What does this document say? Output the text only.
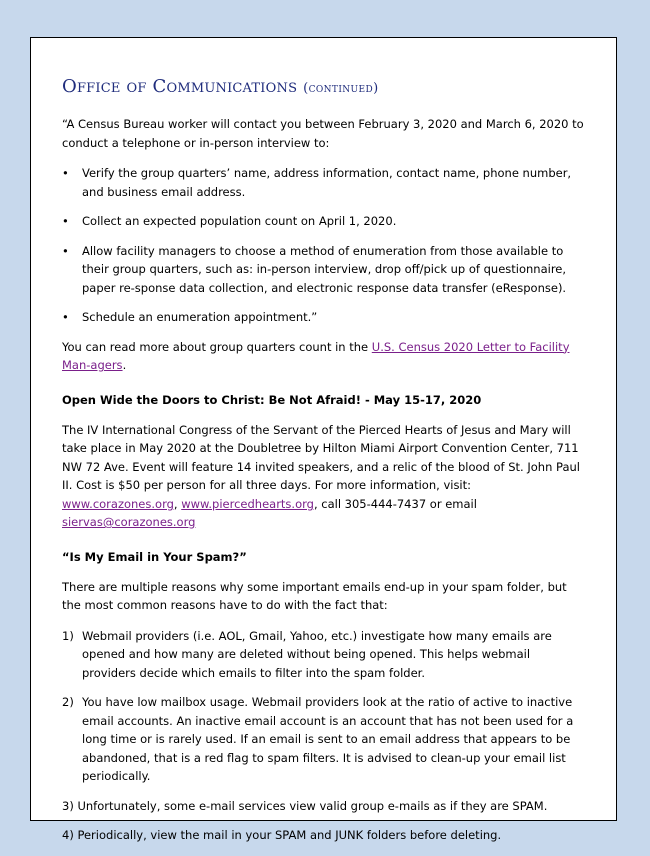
Office of Communications (continued)

“A Census Bureau worker will contact you between February 3, 2020 and March 6, 2020 to conduct a telephone or in-person interview to:

• Verify the group quarters’ name, address information, contact name, phone number, and business email address.
• Collect an expected population count on April 1, 2020.
• Allow facility managers to choose a method of enumeration from those available to their group quarters, such as: in-person interview, drop off/pick up of questionnaire, paper re-sponse data collection, and electronic response data transfer (eResponse).
• Schedule an enumeration appointment.”

You can read more about group quarters count in the U.S. Census 2020 Letter to Facility Man-agers.

Open Wide the Doors to Christ: Be Not Afraid! - May 15-17, 2020

The IV International Congress of the Servant of the Pierced Hearts of Jesus and Mary will take place in May 2020 at the Doubletree by Hilton Miami Airport Convention Center, 711 NW 72 Ave. Event will feature 14 invited speakers, and a relic of the blood of St. John Paul II. Cost is $50 per person for all three days. For more information, visit: www.corazones.org, www.piercedhearts.org, call 305-444-7437 or email siervas@corazones.org

“Is My Email in Your Spam?”

There are multiple reasons why some important emails end-up in your spam folder, but the most common reasons have to do with the fact that:

1) Webmail providers (i.e. AOL, Gmail, Yahoo, etc.) investigate how many emails are opened and how many are deleted without being opened. This helps webmail providers decide which emails to filter into the spam folder.
2) You have low mailbox usage. Webmail providers look at the ratio of active to inactive email accounts. An inactive email account is an account that has not been used for a long time or is rarely used. If an email is sent to an email address that appears to be abandoned, that is a red flag to spam filters. It is advised to clean-up your email list periodically.

3) Unfortunately, some e-mail services view valid group e-mails as if they are SPAM.

4) Periodically, view the mail in your SPAM and JUNK folders before deleting.
